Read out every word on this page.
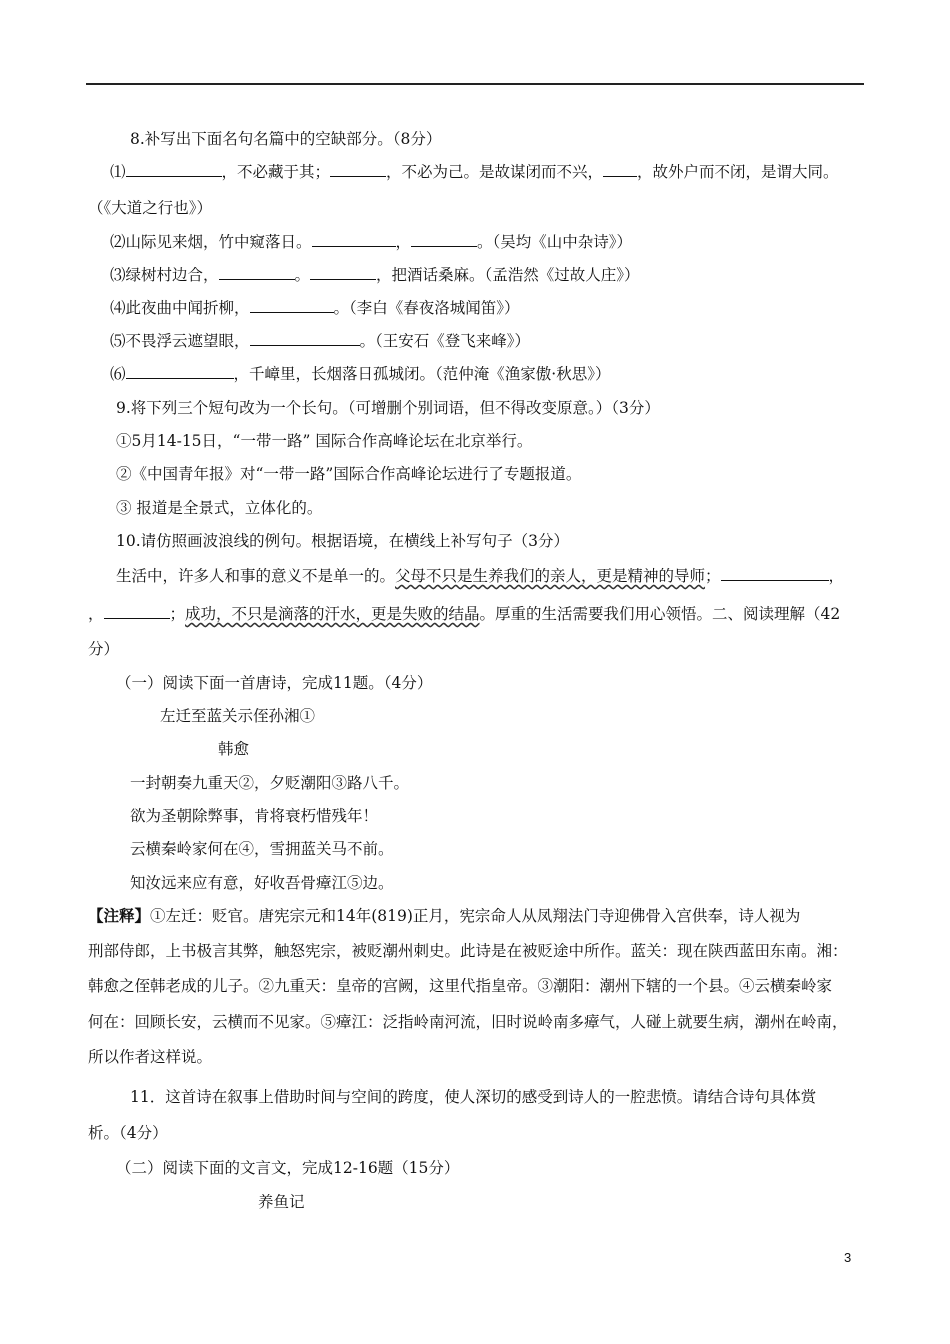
8.补写出下面名句名篇中的空缺部分。（8分）
⑴	，不必藏于其；	，不必为己。是故谋闭而不兴， ，故外户而不闭，是谓大同。
（《大道之行也》）
⑵山际见来烟，竹中窥落日。	，	。（吴均《山中杂诗》）
⑶绿树村边合，	。	，把酒话桑麻。（孟浩然《过故人庄》）
⑷此夜曲中闻折柳，	。（李白《春夜洛城闻笛》）
⑸不畏浮云遮望眼，	。（王安石《登飞来峰》）
⑹	，千嶂里，长烟落日孤城闭。（范仲淹《渔家傲·秋思》）
9.将下列三个短句改为一个长句。（可增删个别词语，但不得改变原意。）（3分）
①5月14-15日，“一带一路” 国际合作高峰论坛在北京举行。
②《中国青年报》对“一带一路”国际合作高峰论坛进行了专题报道。
③ 报道是全景式，立体化的。
10.请仿照画波浪线的例句。根据语境，在横线上补写句子（3分）
生活中，许多人和事的意义不是单一的。父母不只是生养我们的亲人，更是精神的导师；	，
，	；成功，不只是滴落的汗水，更是失败的结晶。厚重的生活需要我们用心领悟。二、阅读理解（42
分）
（一）阅读下面一首唐诗，完成11题。（4分）
左迁至蓝关示侄孙湘①
韩愈
一封朝奏九重天②，夕贬潮阳③路八千。
欲为圣朝除弊事，肯将衰朽惜残年！
云横秦岭家何在④，雪拥蓝关马不前。
知汝远来应有意，好收吾骨瘴江⑤边。
【注释】①左迁：贬官。唐宪宗元和14年(819)正月，宪宗命人从凤翔法门寺迎佛骨入宫供奉，诗人视为
刑部侍郎，上书极言其弊，触怒宪宗，被贬潮州刺史。此诗是在被贬途中所作。蓝关：现在陕西蓝田东南。湘：
韩愈之侄韩老成的儿子。②九重天：皇帝的宫阙，这里代指皇帝。③潮阳：潮州下辖的一个县。④云横秦岭家
何在：回顾长安，云横而不见家。⑤瘴江：泛指岭南河流，旧时说岭南多瘴气，人碰上就要生病，潮州在岭南，
所以作者这样说。
11．这首诗在叙事上借助时间与空间的跨度，使人深切的感受到诗人的一腔悲愤。请结合诗句具体赏
析。（4分）
（二）阅读下面的文言文，完成12-16题（15分）
养鱼记
3
